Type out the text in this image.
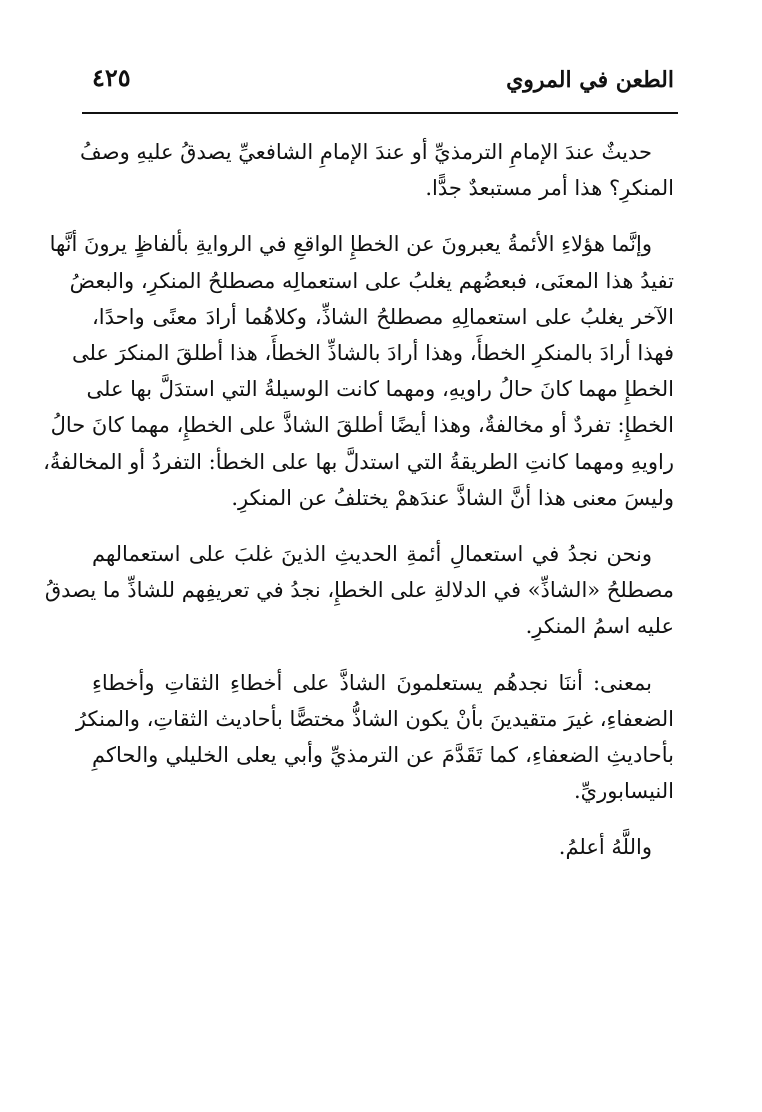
الطعن في المروي
٤٢٥
حديثٌ عندَ الإمامِ الترمذيِّ أو عندَ الإمامِ الشافعيِّ يصدقُ عليهِ وصفُ
المنكرِ؟ هذا أمر مستبعدٌ جدًّا.
وإنَّما هؤلاءِ الأئمةُ يعبرونَ عن الخطإِ الواقعِ في الروايةِ بألفاظٍ يرونَ أنَّها
تفيدُ هذا المعنَى، فبعضُهم يغلبُ على استعمالِه مصطلحُ المنكرِ، والبعضُ
الآخر يغلبُ على استعمالِهِ مصطلحُ الشاذِّ، وكلاهُما أرادَ معنًى واحدًا،
فهذا أرادَ بالمنكرِ الخطأَ، وهذا أرادَ بالشاذِّ الخطأَ، هذا أطلقَ المنكرَ على
الخطإِ مهما كانَ حالُ راويهِ، ومهما كانت الوسيلةُ التي استدَلَّ بها على
الخطإِ: تفردٌ أو مخالفةٌ، وهذا أيضًا أطلقَ الشاذَّ على الخطإِ، مهما كانَ حالُ
راويهِ ومهما كانتِ الطريقةُ التي استدلَّ بها على الخطأ: التفردُ أو المخالفةُ،
وليسَ معنى هذا أنَّ الشاذَّ عندَهمْ يختلفُ عن المنكرِ.
ونحن نجدُ في استعمالِ أئمةِ الحديثِ الذينَ غلبَ على استعمالهم
مصطلحُ «الشاذِّ» في الدلالةِ على الخطإِ، نجدُ في تعريفِهم للشاذِّ ما يصدقُ
عليه اسمُ المنكرِ.
بمعنى: أننَا نجدهُم يستعلمونَ الشاذَّ على أخطاءِ الثقاتِ وأخطاءِ
الضعفاءِ، غيرَ متقيدينَ بأنْ يكون الشاذُّ مختصًّا بأحاديث الثقاتِ، والمنكرُ
بأحاديثِ الضعفاءِ، كما تَقَدَّمَ عن الترمذيِّ وأبي يعلى الخليلي والحاكمِ
النيسابوريِّ.
واللَّهُ أعلمُ.
